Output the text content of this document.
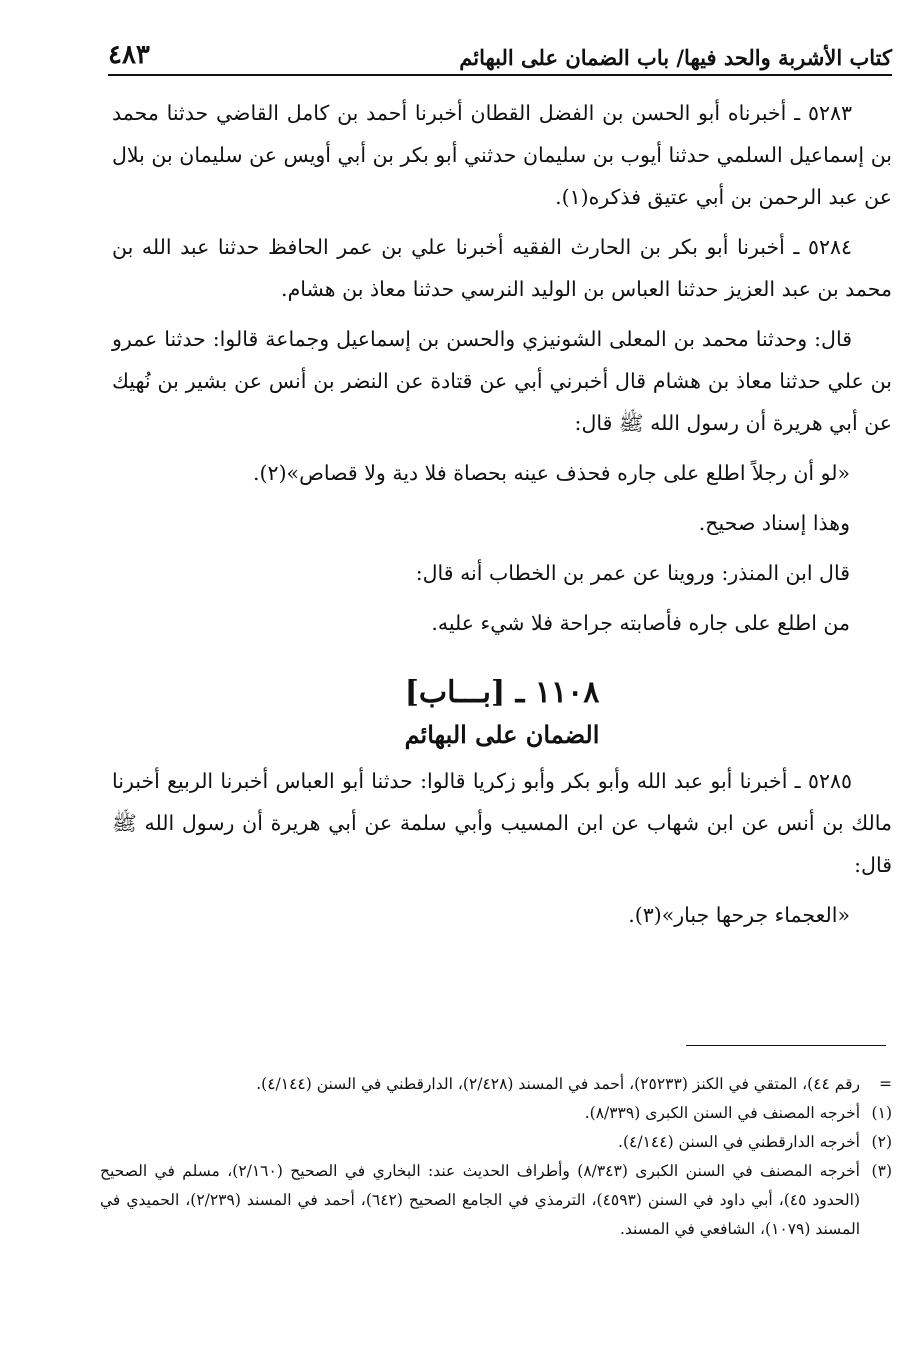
كتاب الأشربة والحد فيها/ باب الضمان على البهائم
٤٨٣

٥٢٨٣ ـ أخبرناه أبو الحسن بن الفضل القطان أخبرنا أحمد بن كامل القاضي حدثنا محمد بن إسماعيل السلمي حدثنا أيوب بن سليمان حدثني أبو بكر بن أبي أويس عن سليمان بن بلال عن عبد الرحمن بن أبي عتيق فذكره(١).

٥٢٨٤ ـ أخبرنا أبو بكر بن الحارث الفقيه أخبرنا علي بن عمر الحافظ حدثنا عبد الله بن محمد بن عبد العزيز حدثنا العباس بن الوليد النرسي حدثنا معاذ بن هشام.

قال: وحدثنا محمد بن المعلى الشونيزي والحسن بن إسماعيل وجماعة قالوا: حدثنا عمرو بن علي حدثنا معاذ بن هشام قال أخبرني أبي عن قتادة عن النضر بن أنس عن بشير بن نُهيك عن أبي هريرة أن رسول الله ﷺ قال:

«لو أن رجلاً اطلع على جاره فحذف عينه بحصاة فلا دية ولا قصاص»(٢).

وهذا إسناد صحيح.

قال ابن المنذر: وروينا عن عمر بن الخطاب أنه قال:

من اطلع على جاره فأصابته جراحة فلا شيء عليه.

١١٠٨ ـ [بـــاب]
الضمان على البهائم

٥٢٨٥ ـ أخبرنا أبو عبد الله وأبو بكر وأبو زكريا قالوا: حدثنا أبو العباس أخبرنا الربيع أخبرنا مالك بن أنس عن ابن شهاب عن ابن المسيب وأبي سلمة عن أبي هريرة أن رسول الله ﷺ قال:

«العجماء جرحها جبار»(٣).

=
رقم ٤٤)، المتقي في الكنز (٢٥٢٣٣)، أحمد في المسند (٢/٤٢٨)، الدارقطني في السنن (٤/١٤٤).
(١)
أخرجه المصنف في السنن الكبرى (٨/٣٣٩).
(٢)
أخرجه الدارقطني في السنن (٤/١٤٤).
(٣)
أخرجه المصنف في السنن الكبرى (٨/٣٤٣) وأطراف الحديث عند: البخاري في الصحيح (٢/١٦٠)، مسلم في الصحيح (الحدود ٤٥)، أبي داود في السنن (٤٥٩٣)، الترمذي في الجامع الصحيح (٦٤٢)، أحمد في المسند (٢/٢٣٩)، الحميدي في المسند (١٠٧٩)، الشافعي في المسند.
